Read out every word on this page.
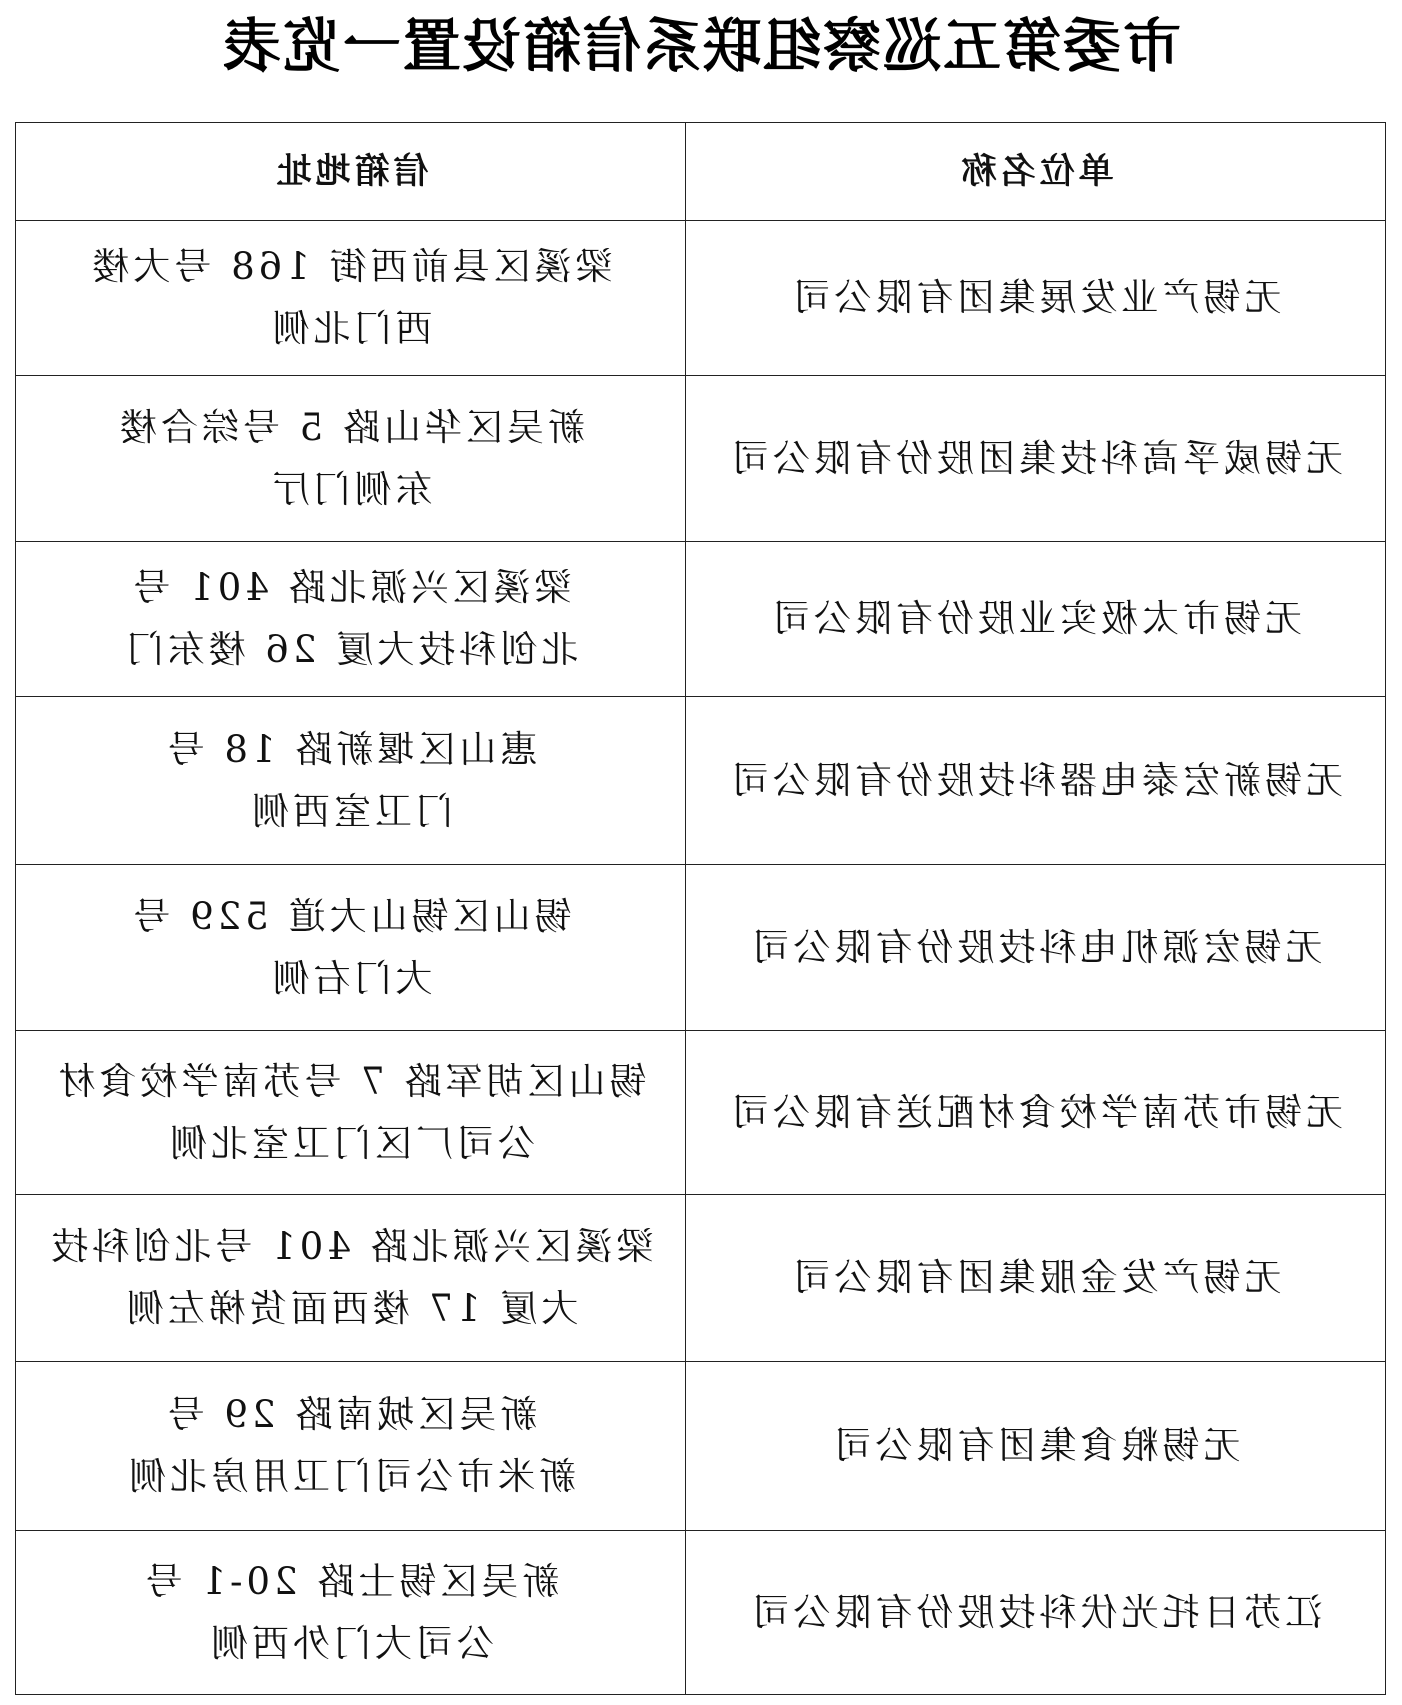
市委第五巡察组联系信箱设置一览表
单位名称	信箱地址
无锡产业发展集团有限公司	梁溪区县前西街 168 号大楼
西门北侧

无锡威孚高科技集团股份有限公司	新吴区华山路 5 号综合楼
东侧门厅

无锡市太极实业股份有限公司	梁溪区兴源北路 401 号
北创科技大厦 26 楼东门

无锡新宏泰电器科技股份有限公司	惠山区堰新路 18 号
门卫室西侧

无锡宏源机电科技股份有限公司	锡山区锡山大道 529 号
大门右侧

无锡市苏南学校食材配送有限公司	锡山区胡军路 7 号苏南学校食材
公司厂区门卫室北侧

无锡产发金服集团有限公司	梁溪区兴源北路 401 号北创科技
大厦 17 楼西面货梯左侧

无锡粮食集团有限公司	新吴区城南路 29 号
新米市公司门卫用房北侧

江苏日托光伏科技股份有限公司	新吴区锡士路 20-1 号
公司大门外西侧
